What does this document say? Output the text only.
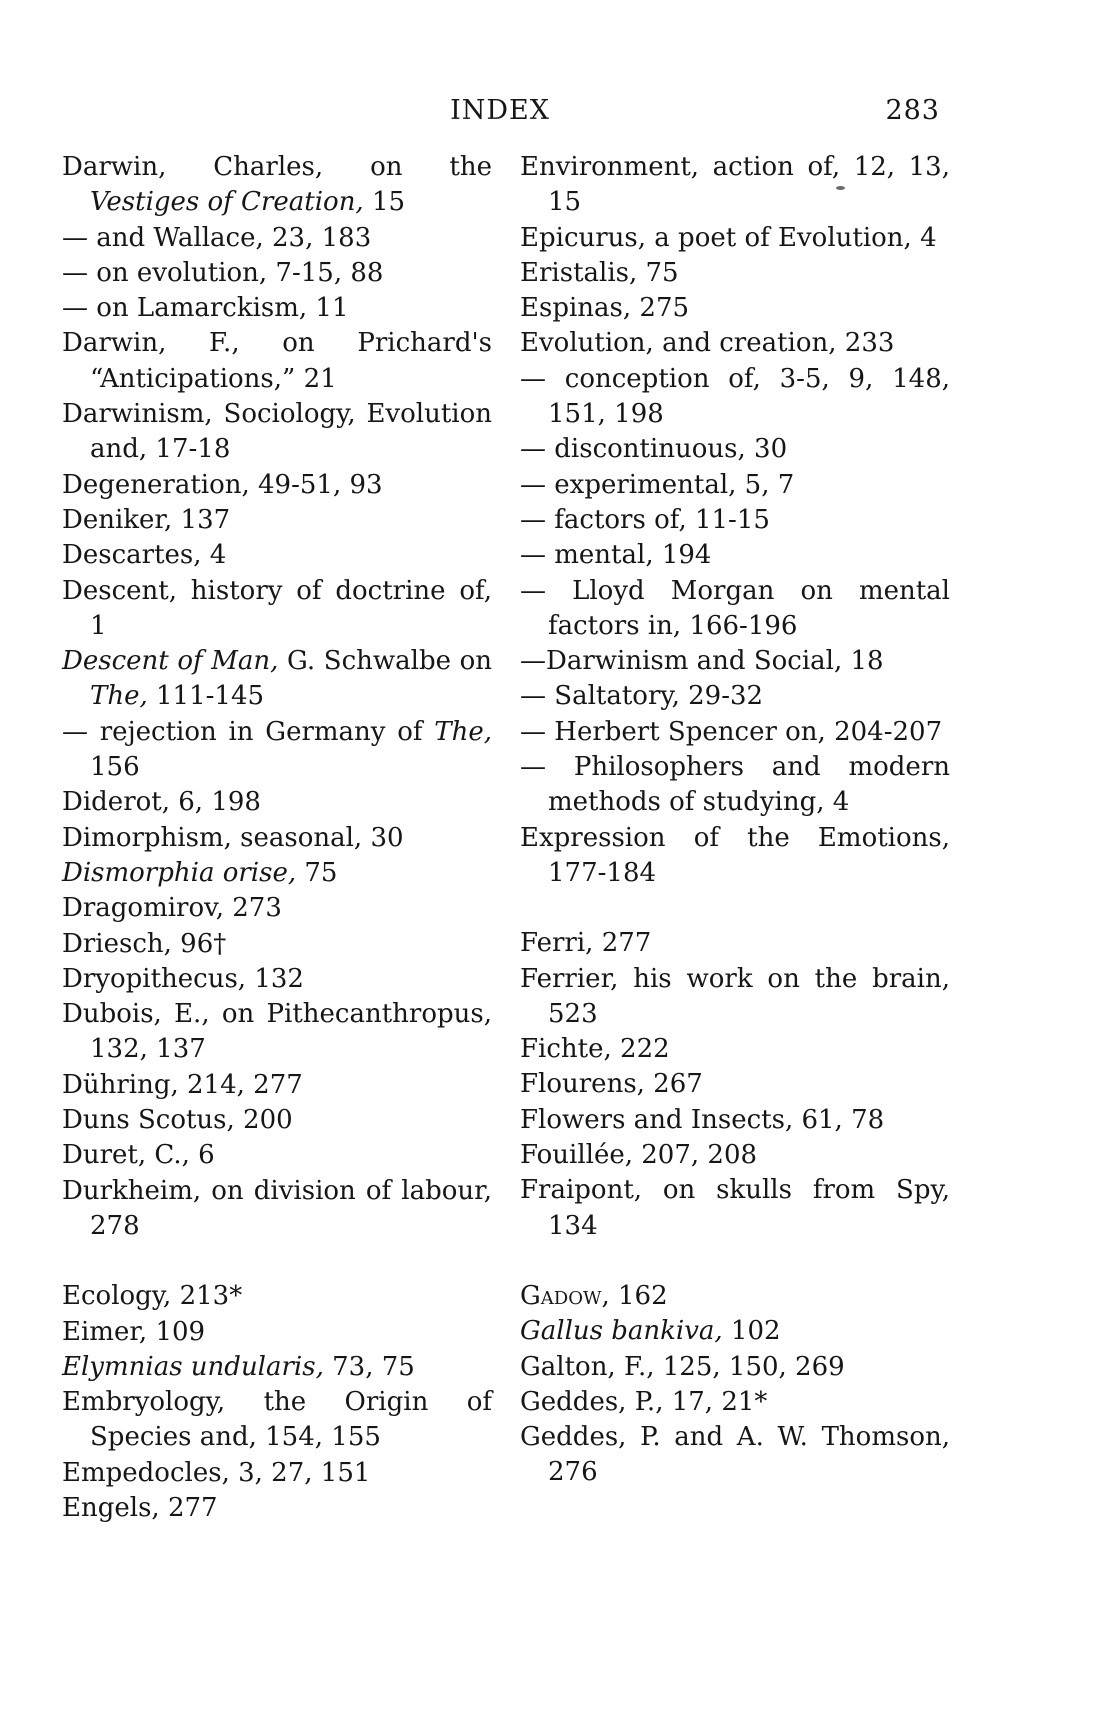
INDEX	283
Darwin, Charles, on the Vestiges of Creation, 15
— and Wallace, 23, 183
— on evolution, 7-15, 88
— on Lamarckism, 11
Darwin, F., on Prichard's “Anticipations,” 21
Darwinism, Sociology, Evolution and, 17-18
Degeneration, 49-51, 93
Deniker, 137
Descartes, 4
Descent, history of doctrine of, 1
Descent of Man, G. Schwalbe on The, 111-145
— rejection in Germany of The, 156
Diderot, 6, 198
Dimorphism, seasonal, 30
Dismorphia orise, 75
Dragomirov, 273
Driesch, 96†
Dryopithecus, 132
Dubois, E., on Pithecanthropus, 132, 137
Dühring, 214, 277
Duns Scotus, 200
Duret, C., 6
Durkheim, on division of labour, 278
Ecology, 213*
Eimer, 109
Elymnias undularis, 73, 75
Embryology, the Origin of Species and, 154, 155
Empedocles, 3, 27, 151
Engels, 277
Environment, action of, 12, 13, 15
Epicurus, a poet of Evolution, 4
Eristalis, 75
Espinas, 275
Evolution, and creation, 233
— conception of, 3-5, 9, 148, 151, 198
— discontinuous, 30
— experimental, 5, 7
— factors of, 11-15
— mental, 194
— Lloyd Morgan on mental factors in, 166-196
—Darwinism and Social, 18
— Saltatory, 29-32
— Herbert Spencer on, 204-207
— Philosophers and modern methods of studying, 4
Expression of the Emotions, 177-184
Ferri, 277
Ferrier, his work on the brain, 523
Fichte, 222
Flourens, 267
Flowers and Insects, 61, 78
Fouillée, 207, 208
Fraipont, on skulls from Spy, 134
Gadow, 162
Gallus bankiva, 102
Galton, F., 125, 150, 269
Geddes, P., 17, 21*
Geddes, P. and A. W. Thomson, 276
